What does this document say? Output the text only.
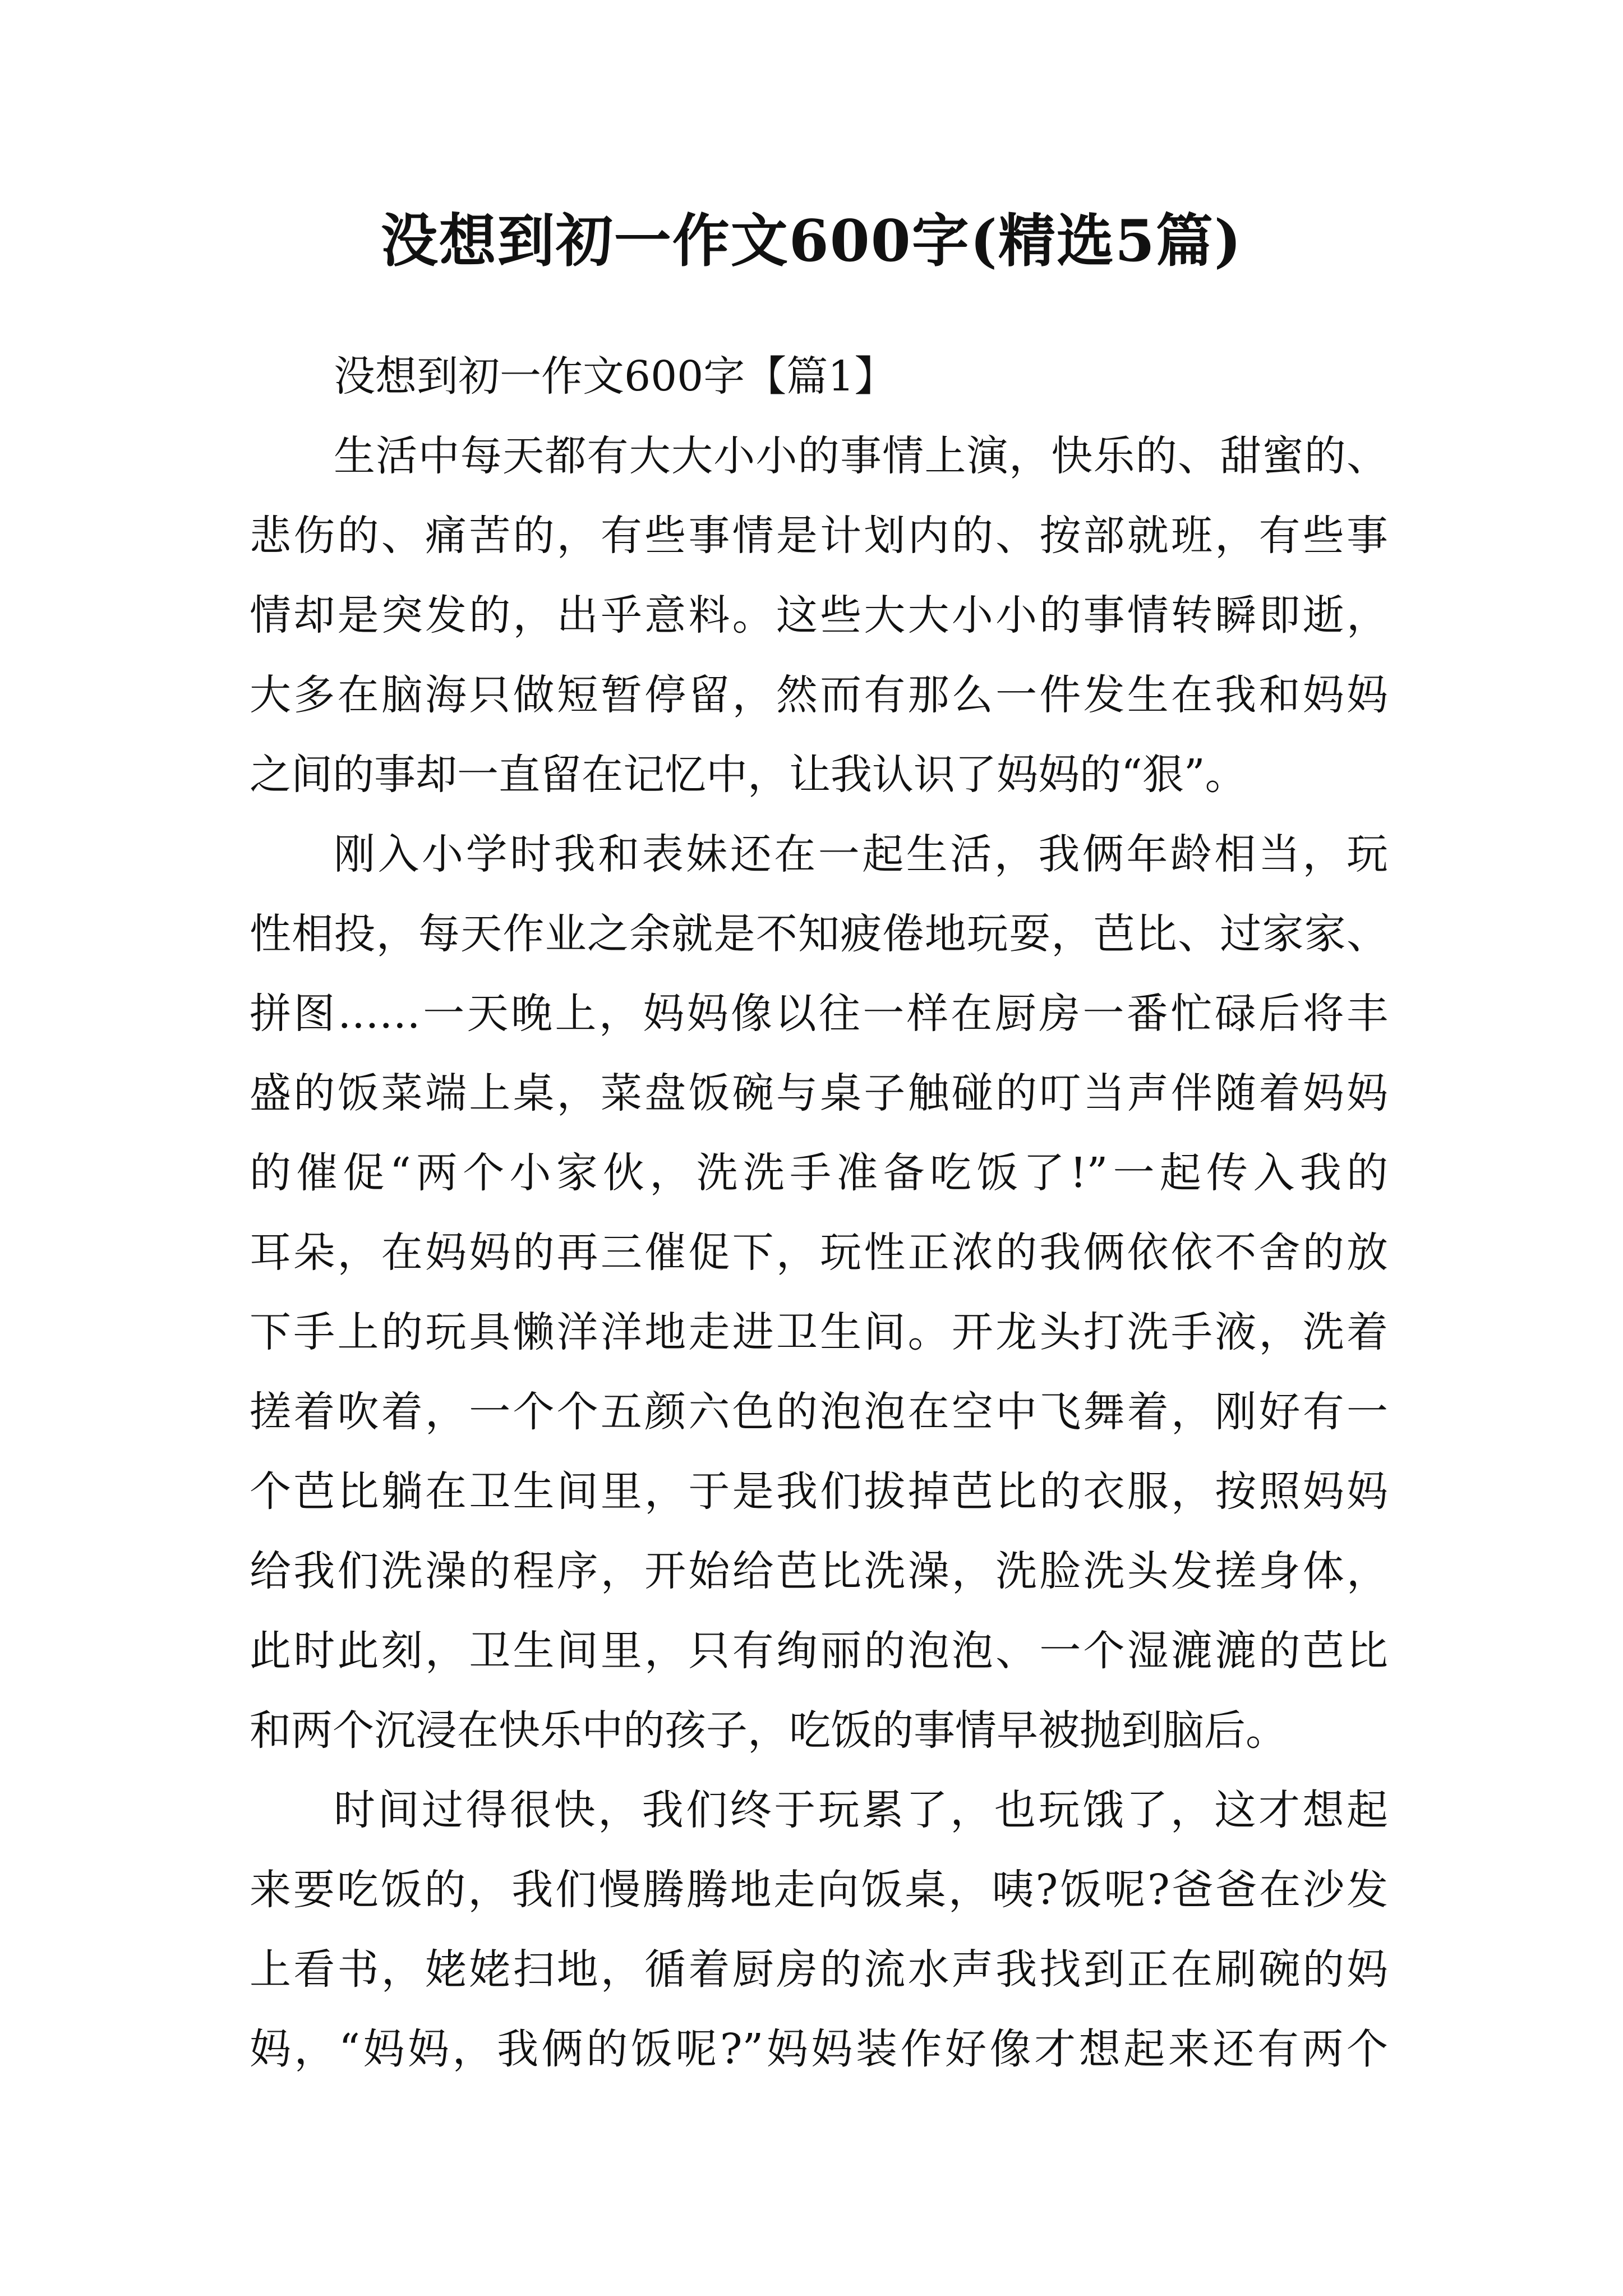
没想到初一作文600字(精选5篇)

没想到初一作文600字【篇1】

生活中每天都有大大小小的事情上演，快乐的、甜蜜的、
悲伤的、痛苦的，有些事情是计划内的、按部就班，有些事
情却是突发的，出乎意料。这些大大小小的事情转瞬即逝，
大多在脑海只做短暂停留，然而有那么一件发生在我和妈妈
之间的事却一直留在记忆中，让我认识了妈妈的“狠”。

刚入小学时我和表妹还在一起生活，我俩年龄相当，玩
性相投，每天作业之余就是不知疲倦地玩耍，芭比、过家家、
拼图……一天晚上，妈妈像以往一样在厨房一番忙碌后将丰
盛的饭菜端上桌，菜盘饭碗与桌子触碰的叮当声伴随着妈妈
的催促“两个小家伙，洗洗手准备吃饭了!”一起传入我的
耳朵，在妈妈的再三催促下，玩性正浓的我俩依依不舍的放
下手上的玩具懒洋洋地走进卫生间。开龙头打洗手液，洗着
搓着吹着，一个个五颜六色的泡泡在空中飞舞着，刚好有一
个芭比躺在卫生间里，于是我们拔掉芭比的衣服，按照妈妈
给我们洗澡的程序，开始给芭比洗澡，洗脸洗头发搓身体，
此时此刻，卫生间里，只有绚丽的泡泡、一个湿漉漉的芭比
和两个沉浸在快乐中的孩子，吃饭的事情早被抛到脑后。

时间过得很快，我们终于玩累了，也玩饿了，这才想起
来要吃饭的，我们慢腾腾地走向饭桌，咦?饭呢?爸爸在沙发
上看书，姥姥扫地，循着厨房的流水声我找到正在刷碗的妈
妈，“妈妈，我俩的饭呢?”妈妈装作好像才想起来还有两个
